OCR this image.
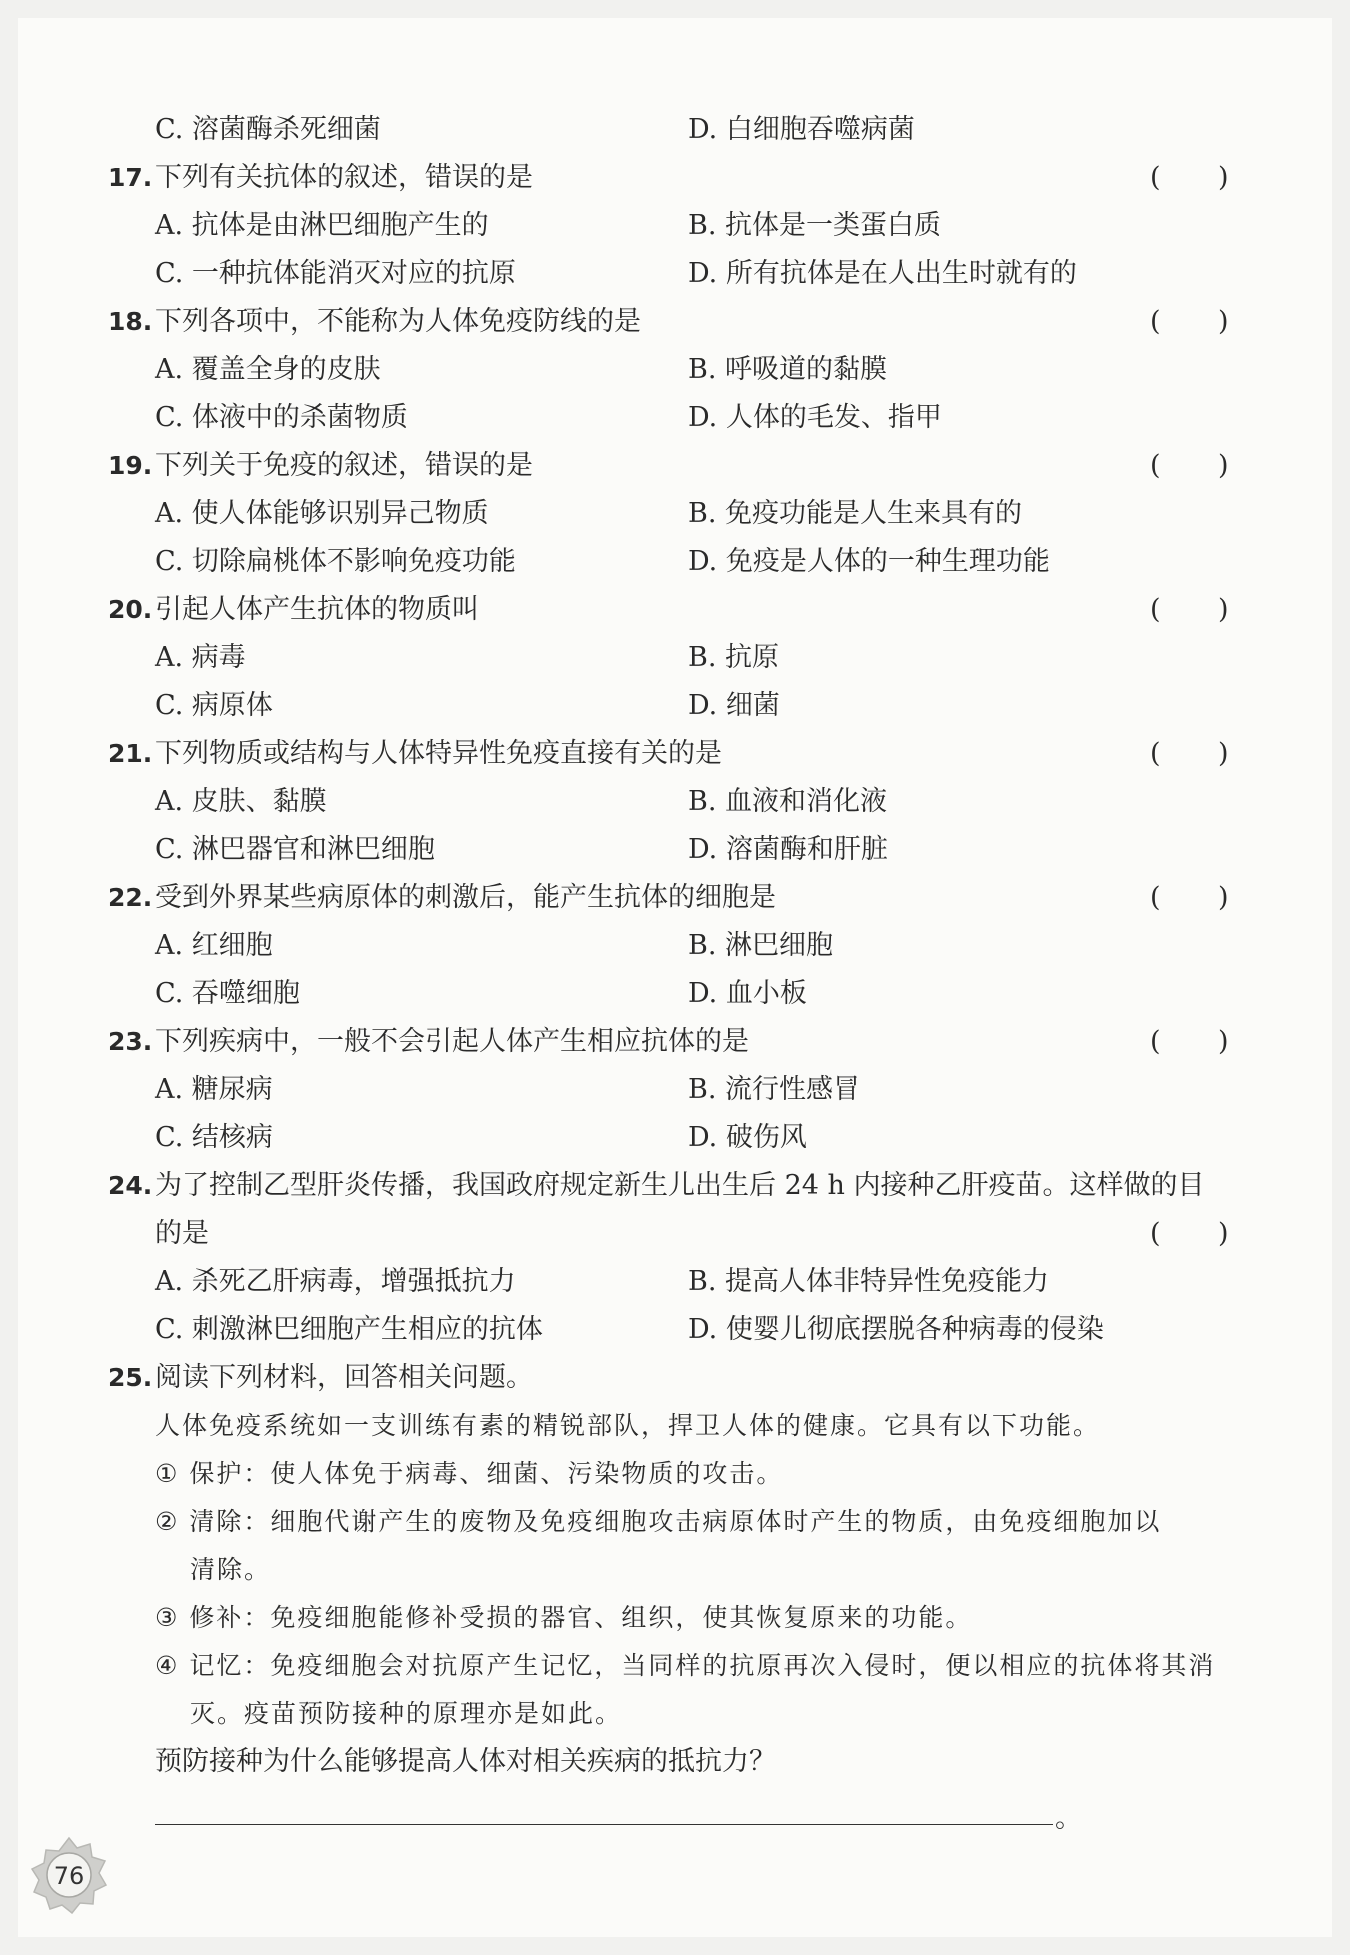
C. 溶菌酶杀死细菌	D. 白细胞吞噬病菌
17. 下列有关抗体的叙述，错误的是	( )
A. 抗体是由淋巴细胞产生的	B. 抗体是一类蛋白质
C. 一种抗体能消灭对应的抗原	D. 所有抗体是在人出生时就有的
18. 下列各项中，不能称为人体免疫防线的是	( )
A. 覆盖全身的皮肤	B. 呼吸道的黏膜
C. 体液中的杀菌物质	D. 人体的毛发、指甲
19. 下列关于免疫的叙述，错误的是	( )
A. 使人体能够识别异己物质	B. 免疫功能是人生来具有的
C. 切除扁桃体不影响免疫功能	D. 免疫是人体的一种生理功能
20. 引起人体产生抗体的物质叫	( )
A. 病毒	B. 抗原
C. 病原体	D. 细菌
21. 下列物质或结构与人体特异性免疫直接有关的是	( )
A. 皮肤、黏膜	B. 血液和消化液
C. 淋巴器官和淋巴细胞	D. 溶菌酶和肝脏
22. 受到外界某些病原体的刺激后，能产生抗体的细胞是	( )
A. 红细胞	B. 淋巴细胞
C. 吞噬细胞	D. 血小板
23. 下列疾病中，一般不会引起人体产生相应抗体的是	( )
A. 糖尿病	B. 流行性感冒
C. 结核病	D. 破伤风
24. 为了控制乙型肝炎传播，我国政府规定新生儿出生后 24 h 内接种乙肝疫苗。这样做的目
的是	( )
A. 杀死乙肝病毒，增强抵抗力	B. 提高人体非特异性免疫能力
C. 刺激淋巴细胞产生相应的抗体	D. 使婴儿彻底摆脱各种病毒的侵染
25. 阅读下列材料，回答相关问题。
人体免疫系统如一支训练有素的精锐部队，捍卫人体的健康。它具有以下功能。
① 保护：使人体免于病毒、细菌、污染物质的攻击。
② 清除：细胞代谢产生的废物及免疫细胞攻击病原体时产生的物质，由免疫细胞加以
清除。
③ 修补：免疫细胞能修补受损的器官、组织，使其恢复原来的功能。
④ 记忆：免疫细胞会对抗原产生记忆，当同样的抗原再次入侵时，便以相应的抗体将其消
灭。疫苗预防接种的原理亦是如此。
预防接种为什么能够提高人体对相关疾病的抵抗力？
。
76
